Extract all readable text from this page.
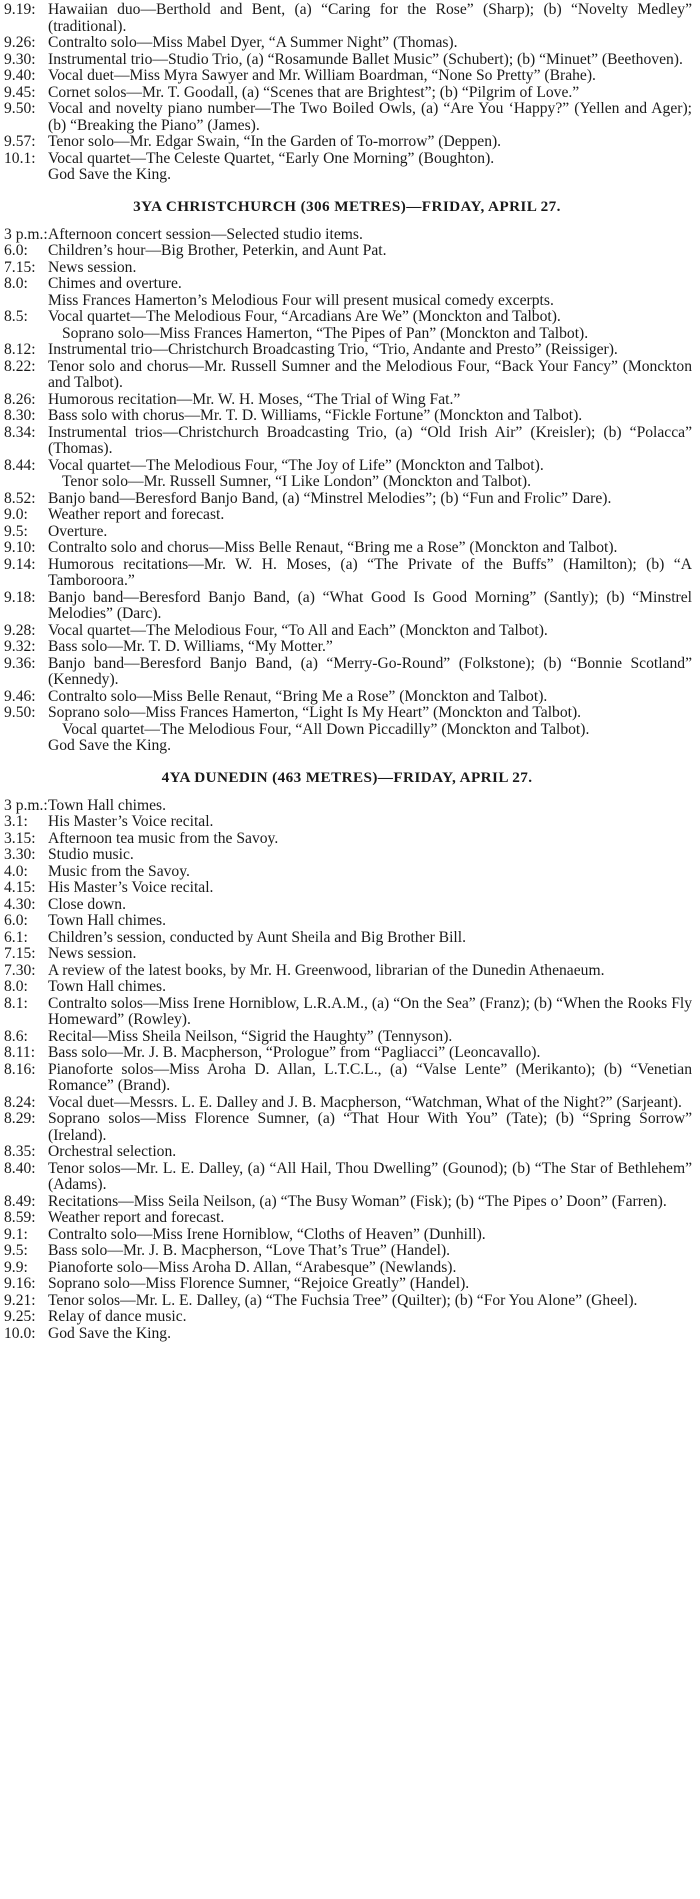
9.19: Hawaiian duo—Berthold and Bent, (a) “Caring for the Rose” (Sharp); (b) “Novelty Medley” (traditional).

9.26: Contralto solo—Miss Mabel Dyer, “A Summer Night” (Thomas).

9.30: Instrumental trio—Studio Trio, (a) “Rosamunde Ballet Music” (Schubert); (b) “Minuet” (Beethoven).

9.40: Vocal duet—Miss Myra Sawyer and Mr. William Boardman, “None So Pretty” (Brahe).

9.45: Cornet solos—Mr. T. Goodall, (a) “Scenes that are Brightest”; (b) “Pilgrim of Love.”

9.50: Vocal and novelty piano number—The Two Boiled Owls, (a) “Are You ‘Happy?” (Yellen and Ager); (b) “Breaking the Piano” (James).

9.57: Tenor solo—Mr. Edgar Swain, “In the Garden of To-morrow” (Deppen).

10.1: Vocal quartet—The Celeste Quartet, “Early One Morning” (Boughton).

God Save the King.

3YA CHRISTCHURCH (306 METRES)—FRIDAY, APRIL 27.

3 p.m.: Afternoon concert session—Selected studio items.

6.0: Children’s hour—Big Brother, Peterkin, and Aunt Pat.

7.15: News session.

8.0: Chimes and overture.

Miss Frances Hamerton’s Melodious Four will present musical comedy excerpts.

8.5: Vocal quartet—The Melodious Four, “Arcadians Are We” (Monckton and Talbot).

Soprano solo—Miss Frances Hamerton, “The Pipes of Pan” (Monckton and Talbot).

8.12: Instrumental trio—Christchurch Broadcasting Trio, “Trio, Andante and Presto” (Reissiger).

8.22: Tenor solo and chorus—Mr. Russell Sumner and the Melodious Four, “Back Your Fancy” (Monckton and Talbot).

8.26: Humorous recitation—Mr. W. H. Moses, “The Trial of Wing Fat.”

8.30: Bass solo with chorus—Mr. T. D. Williams, “Fickle Fortune” (Monckton and Talbot).

8.34: Instrumental trios—Christchurch Broadcasting Trio, (a) “Old Irish Air” (Kreisler); (b) “Polacca” (Thomas).

8.44: Vocal quartet—The Melodious Four, “The Joy of Life” (Monckton and Talbot).

Tenor solo—Mr. Russell Sumner, “I Like London” (Monckton and Talbot).

8.52: Banjo band—Beresford Banjo Band, (a) “Minstrel Melodies”; (b) “Fun and Frolic” Dare).

9.0: Weather report and forecast.

9.5: Overture.

9.10: Contralto solo and chorus—Miss Belle Renaut, “Bring me a Rose” (Monckton and Talbot).

9.14: Humorous recitations—Mr. W. H. Moses, (a) “The Private of the Buffs” (Hamilton); (b) “A Tamboroora.”

9.18: Banjo band—Beresford Banjo Band, (a) “What Good Is Good Morning” (Santly); (b) “Minstrel Melodies” (Darc).

9.28: Vocal quartet—The Melodious Four, “To All and Each” (Monckton and Talbot).

9.32: Bass solo—Mr. T. D. Williams, “My Motter.”

9.36: Banjo band—Beresford Banjo Band, (a) “Merry-Go-Round” (Folkstone); (b) “Bonnie Scotland” (Kennedy).

9.46: Contralto solo—Miss Belle Renaut, “Bring Me a Rose” (Monckton and Talbot).

9.50: Soprano solo—Miss Frances Hamerton, “Light Is My Heart” (Monckton and Talbot).

Vocal quartet—The Melodious Four, “All Down Piccadilly” (Monckton and Talbot).

God Save the King.

4YA DUNEDIN (463 METRES)—FRIDAY, APRIL 27.

3 p.m.: Town Hall chimes.

3.1: His Master’s Voice recital.

3.15: Afternoon tea music from the Savoy.

3.30: Studio music.

4.0: Music from the Savoy.

4.15: His Master’s Voice recital.

4.30: Close down.

6.0: Town Hall chimes.

6.1: Children’s session, conducted by Aunt Sheila and Big Brother Bill.

7.15: News session.

7.30: A review of the latest books, by Mr. H. Greenwood, librarian of the Dunedin Athenaeum.

8.0: Town Hall chimes.

8.1: Contralto solos—Miss Irene Horniblow, L.R.A.M., (a) “On the Sea” (Franz); (b) “When the Rooks Fly Homeward” (Rowley).

8.6: Recital—Miss Sheila Neilson, “Sigrid the Haughty” (Tennyson).

8.11: Bass solo—Mr. J. B. Macpherson, “Prologue” from “Pagliacci” (Leoncavallo).

8.16: Pianoforte solos—Miss Aroha D. Allan, L.T.C.L., (a) “Valse Lente” (Merikanto); (b) “Venetian Romance” (Brand).

8.24: Vocal duet—Messrs. L. E. Dalley and J. B. Macpherson, “Watchman, What of the Night?” (Sarjeant).

8.29: Soprano solos—Miss Florence Sumner, (a) “That Hour With You” (Tate); (b) “Spring Sorrow” (Ireland).

8.35: Orchestral selection.

8.40: Tenor solos—Mr. L. E. Dalley, (a) “All Hail, Thou Dwelling” (Gounod); (b) “The Star of Bethlehem” (Adams).

8.49: Recitations—Miss Seila Neilson, (a) “The Busy Woman” (Fisk); (b) “The Pipes o’ Doon” (Farren).

8.59: Weather report and forecast.

9.1: Contralto solo—Miss Irene Horniblow, “Cloths of Heaven” (Dunhill).

9.5: Bass solo—Mr. J. B. Macpherson, “Love That’s True” (Handel).

9.9: Pianoforte solo—Miss Aroha D. Allan, “Arabesque” (Newlands).

9.16: Soprano solo—Miss Florence Sumner, “Rejoice Greatly” (Handel).

9.21: Tenor solos—Mr. L. E. Dalley, (a) “The Fuchsia Tree” (Quilter); (b) “For You Alone” (Gheel).

9.25: Relay of dance music.

10.0: God Save the King.
